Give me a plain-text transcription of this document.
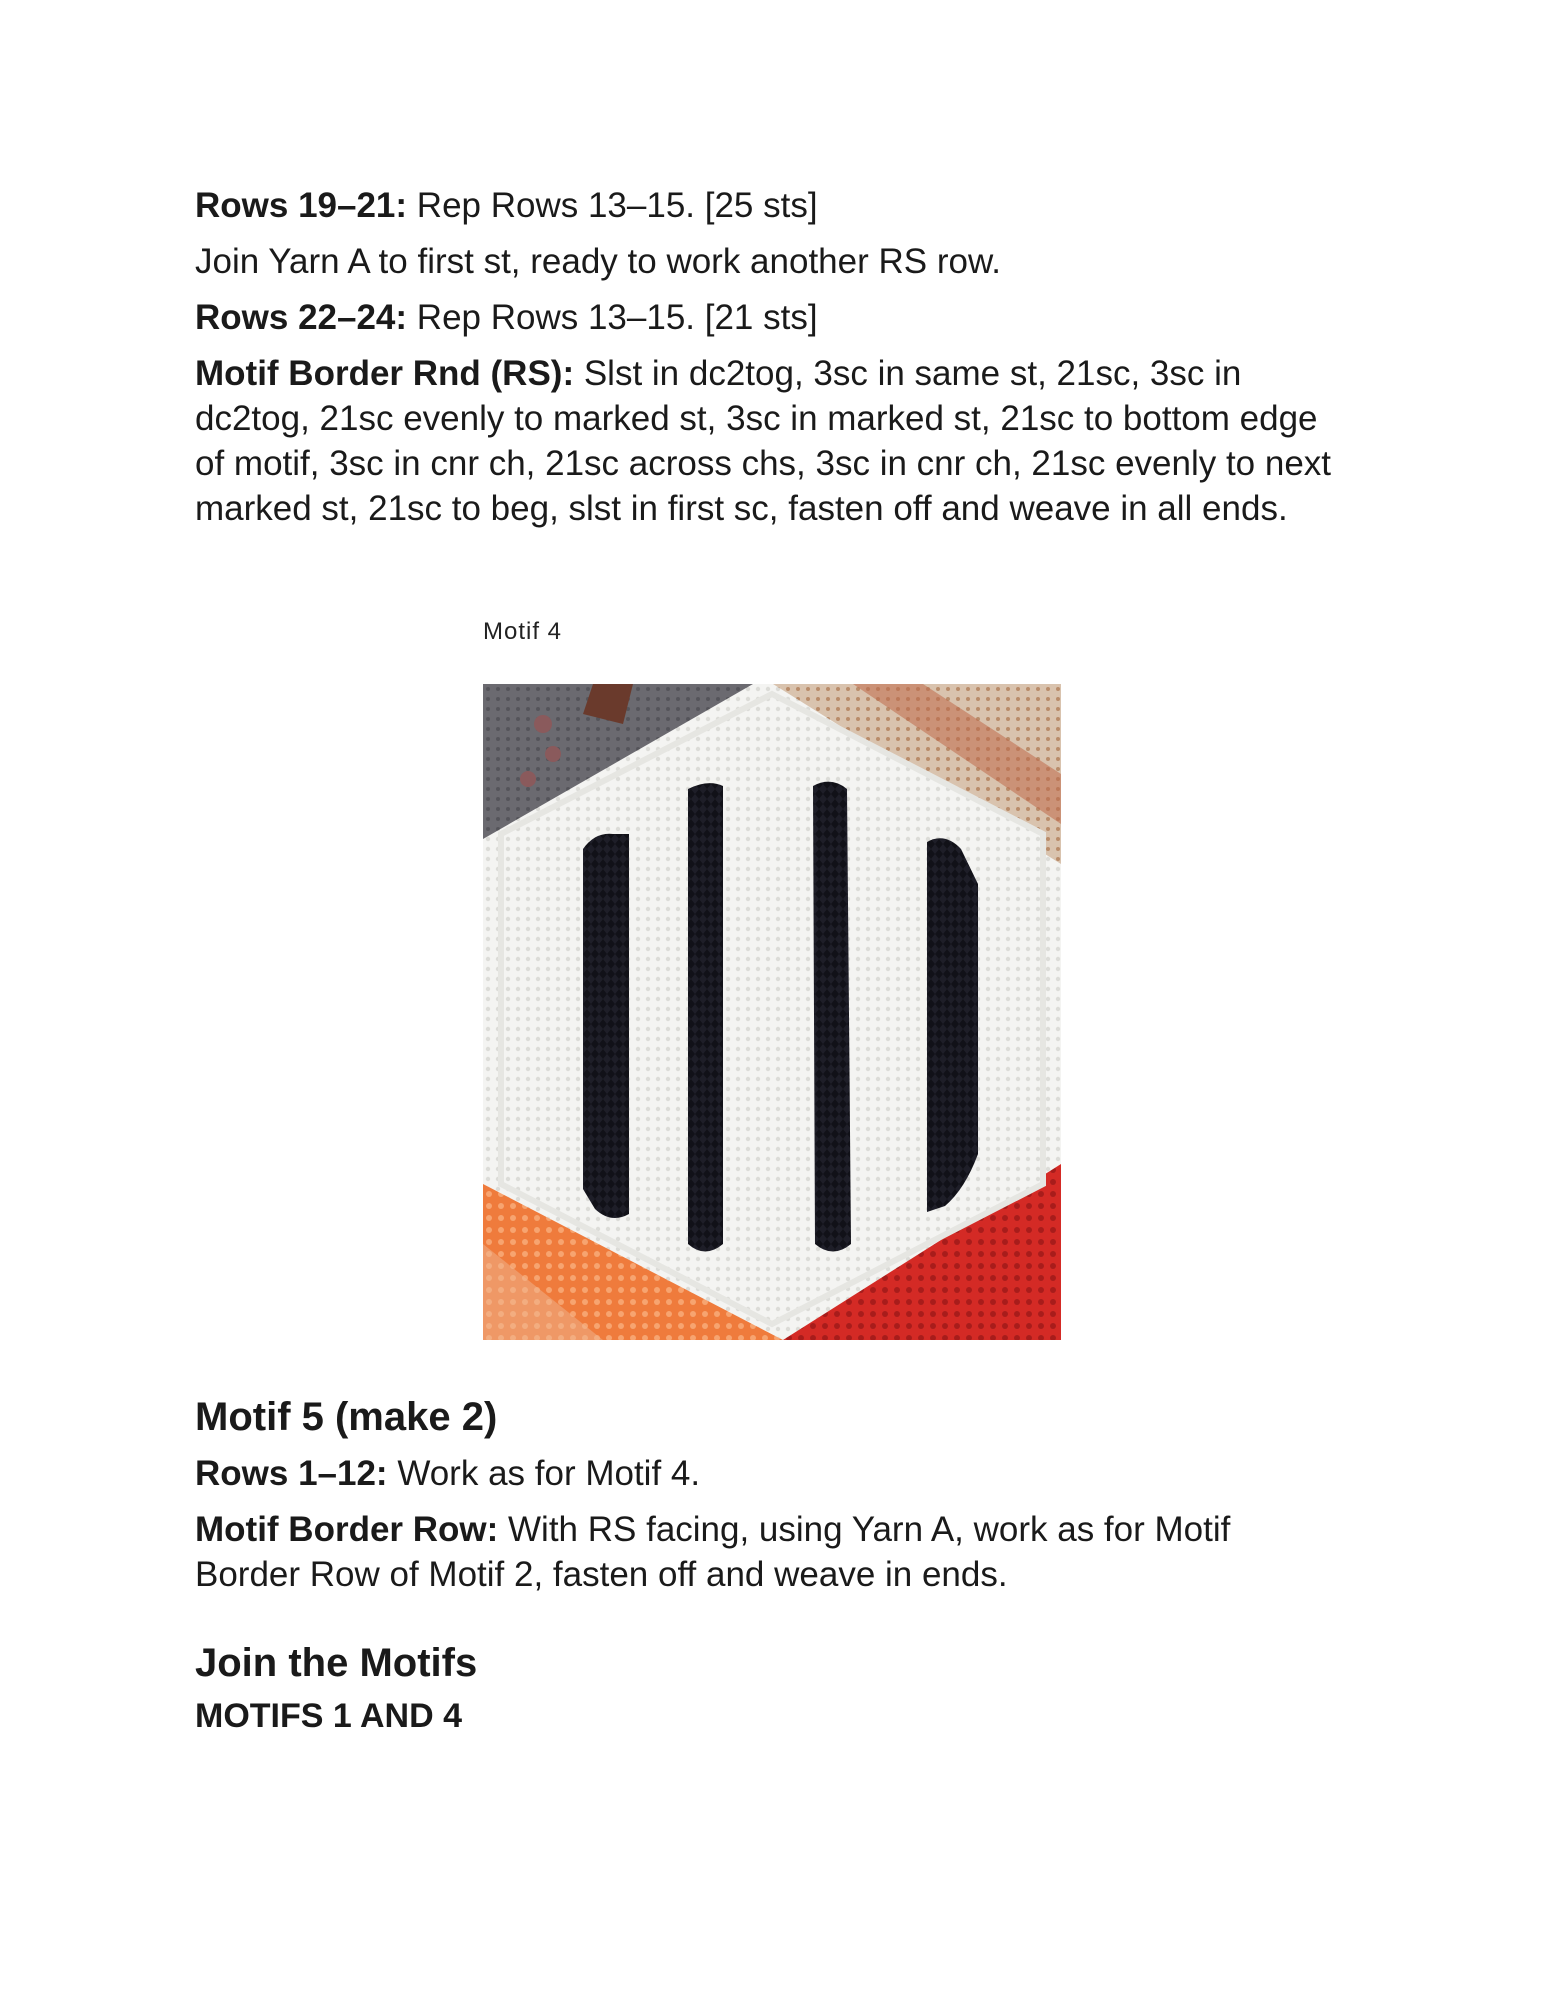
Rows 19–21: Rep Rows 13–15. [25 sts]

Join Yarn A to first st, ready to work another RS row.

Rows 22–24: Rep Rows 13–15. [21 sts]

Motif Border Rnd (RS): Slst in dc2tog, 3sc in same st, 21sc, 3sc in dc2tog, 21sc evenly to marked st, 3sc in marked st, 21sc to bottom edge of motif, 3sc in cnr ch, 21sc across chs, 3sc in cnr ch, 21sc evenly to next marked st, 21sc to beg, slst in first sc, fasten off and weave in all ends.

Motif 4

Motif 5 (make 2)

Rows 1–12: Work as for Motif 4.

Motif Border Row: With RS facing, using Yarn A, work as for Motif Border Row of Motif 2, fasten off and weave in ends.

Join the Motifs

MOTIFS 1 AND 4
